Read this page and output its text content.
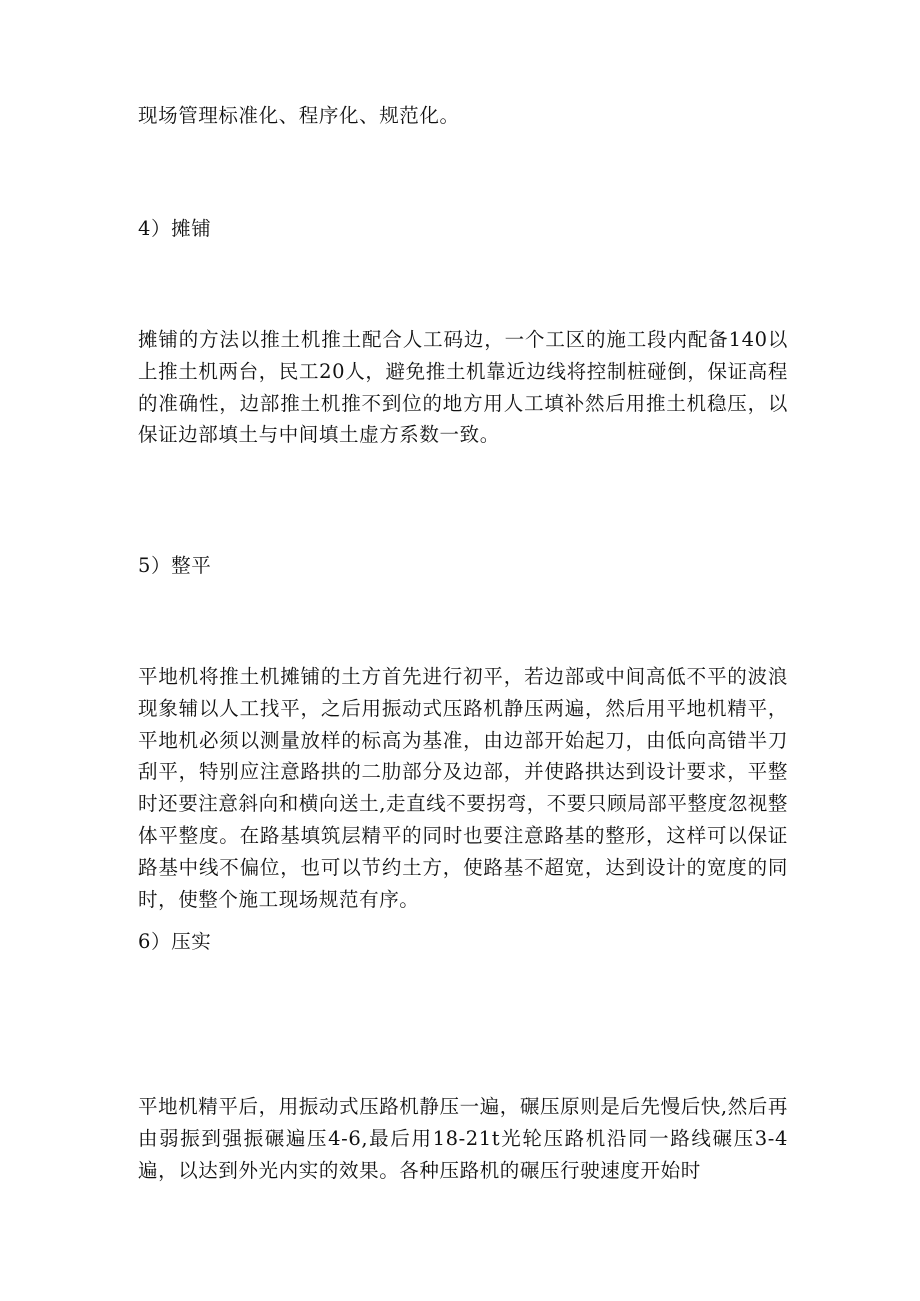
现场管理标准化、程序化、规范化。

4）摊铺

摊铺的方法以推土机推土配合人工码边，一个工区的施工段内配备140以上推土机两台，民工20人，避免推土机靠近边线将控制桩碰倒，保证高程的准确性，边部推土机推不到位的地方用人工填补然后用推土机稳压，以保证边部填土与中间填土虚方系数一致。

5）整平

平地机将推土机摊铺的土方首先进行初平，若边部或中间高低不平的波浪现象辅以人工找平，之后用振动式压路机静压两遍，然后用平地机精平，平地机必须以测量放样的标高为基准，由边部开始起刀，由低向高错半刀刮平，特别应注意路拱的二肋部分及边部，并使路拱达到设计要求，平整时还要注意斜向和横向送土,走直线不要拐弯，不要只顾局部平整度忽视整体平整度。在路基填筑层精平的同时也要注意路基的整形，这样可以保证路基中线不偏位，也可以节约土方，使路基不超宽，达到设计的宽度的同时，使整个施工现场规范有序。

6）压实

平地机精平后，用振动式压路机静压一遍，碾压原则是后先慢后快,然后再由弱振到强振碾遍压4-6,最后用18-21t光轮压路机沿同一路线碾压3-4遍，以达到外光内实的效果。各种压路机的碾压行驶速度开始时
